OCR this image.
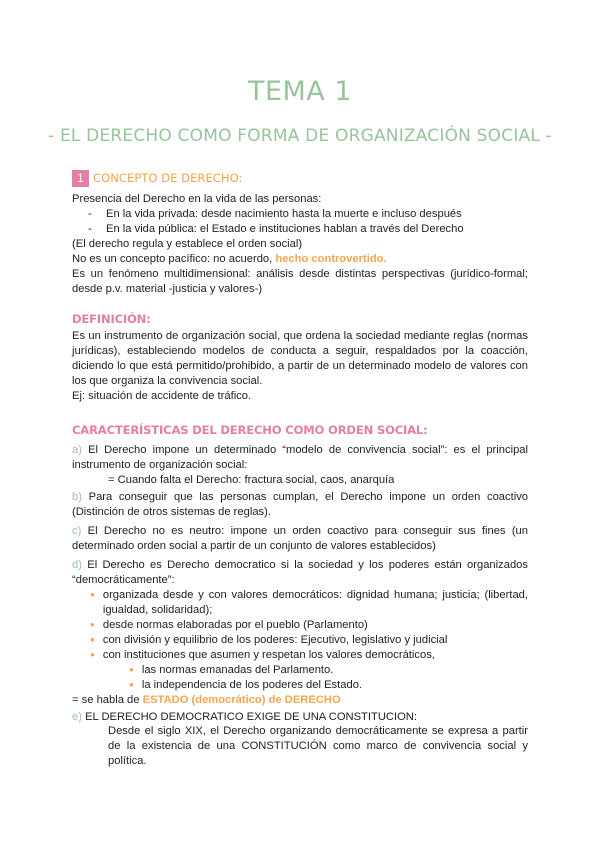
TEMA 1
- EL DERECHO COMO FORMA DE ORGANIZACIÓN SOCIAL -
1 CONCEPTO DE DERECHO:
Presencia del Derecho en la vida de las personas:
- En la vida privada: desde nacimiento hasta la muerte e incluso después
- En la vida pública: el Estado e instituciones hablan a través del Derecho
(El derecho regula y establece el orden social)
No es un concepto pacífico: no acuerdo, hecho controvertido.
Es un fenómeno multidimensional: análisis desde distintas perspectivas (jurídico-formal; desde p.v. material -justicia y valores-)
DEFINICIÓN:
Es un instrumento de organización social, que ordena la sociedad mediante reglas (normas jurídicas), estableciendo modelos de conducta a seguir, respaldados por la coacción, diciendo lo que está permitido/prohibido, a partir de un determinado modelo de valores con los que organiza la convivencia social.
Ej: situación de accidente de tráfico.
CARACTERÍSTICAS DEL DERECHO COMO ORDEN SOCIAL:
a) El Derecho impone un determinado “modelo de convivencia social”: es el principal instrumento de organización social:
= Cuando falta el Derecho: fractura social, caos, anarquía
b) Para conseguir que las personas cumplan, el Derecho impone un orden coactivo (Distinción de otros sistemas de reglas).
c) El Derecho no es neutro: impone un orden coactivo para conseguir sus fines (un determinado orden social a partir de un conjunto de valores establecidos)
d) El Derecho es Derecho democratico si la sociedad y los poderes están organizados “democráticamente”:
●
organizada desde y con valores democráticos: dignidad humana; justicia; (libertad, igualdad, solidaridad);
● desde normas elaboradas por el pueblo (Parlamento)
● con división y equilibrio de los poderes: Ejecutivo, legislativo y judicial
● con instituciones que asumen y respetan los valores democráticos,
● las normas emanadas del Parlamento.
● la independencia de los poderes del Estado.
= se habla de ESTADO (democrático) de DERECHO
e) EL DERECHO DEMOCRATICO EXIGE DE UNA CONSTITUCION:
Desde el siglo XIX, el Derecho organizando democráticamente se expresa a partir de la existencia de una CONSTITUCIÓN como marco de convivencia social y política.
